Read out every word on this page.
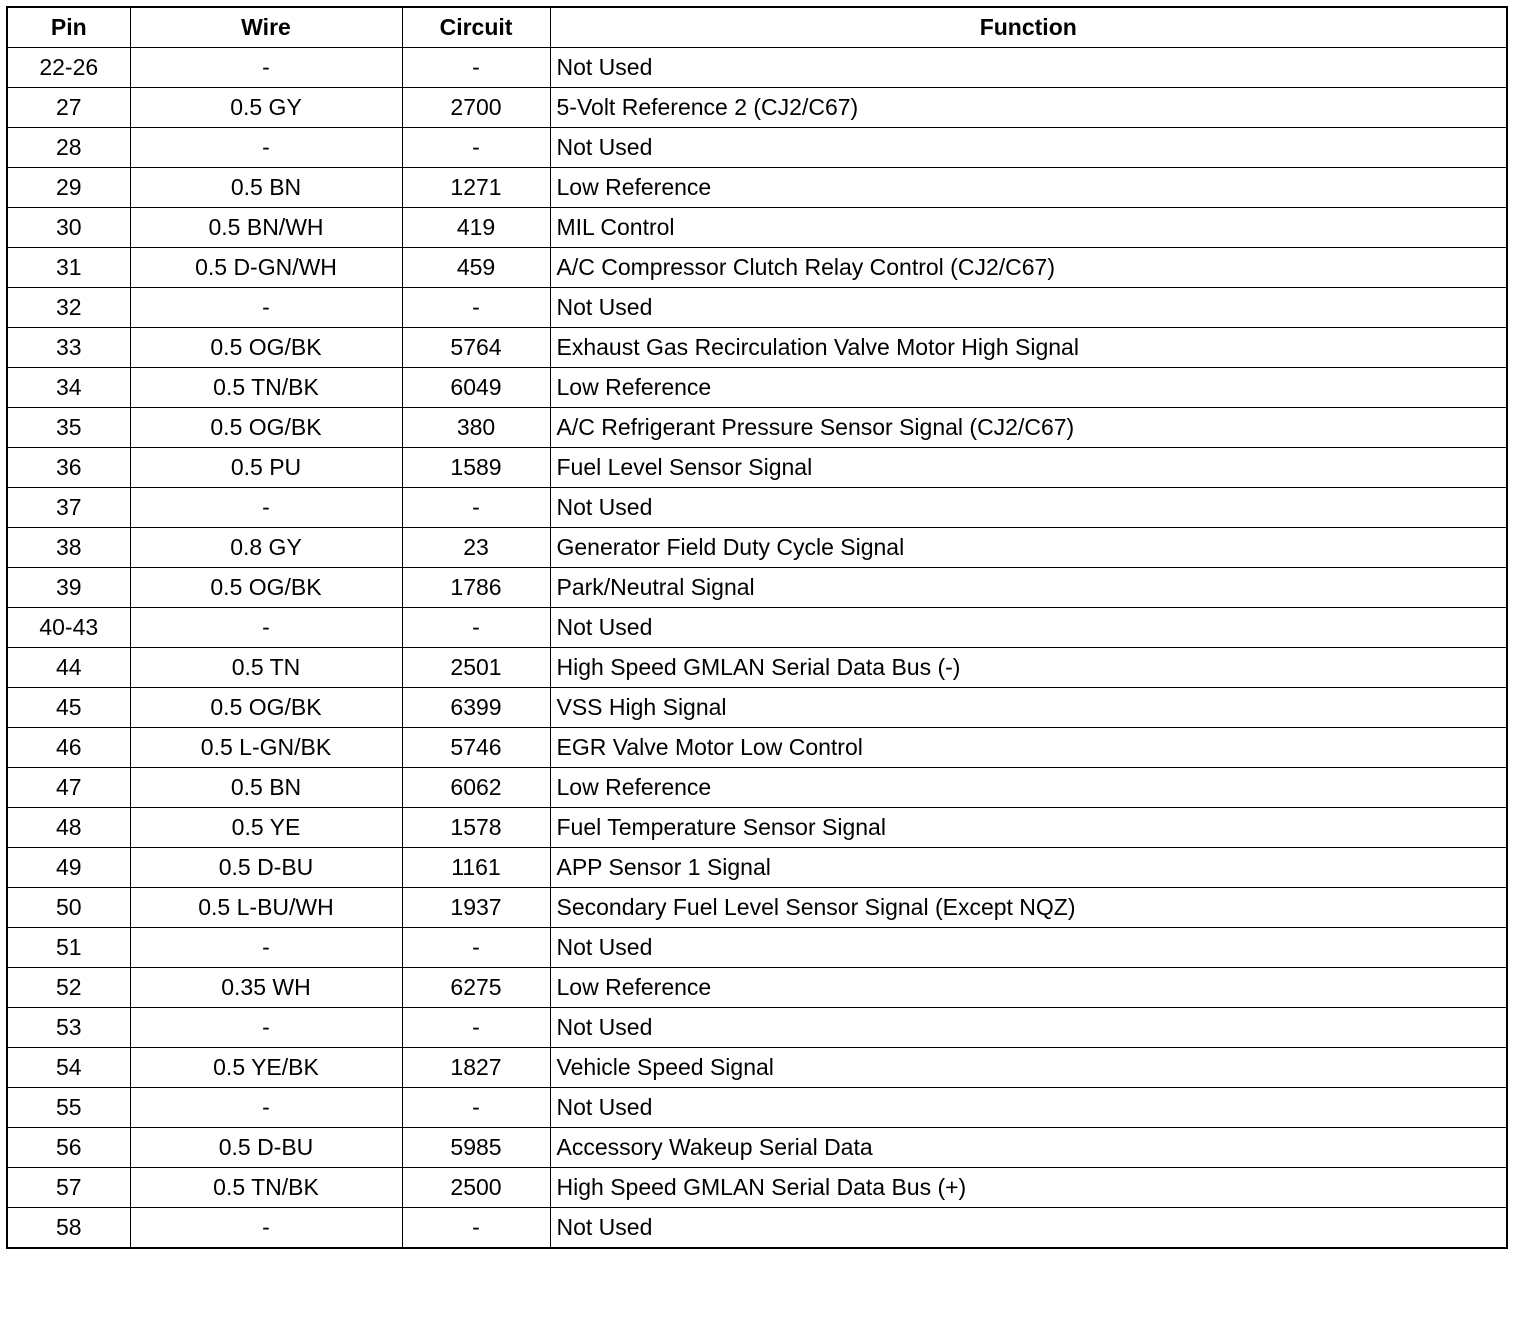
Pin	Wire	Circuit	Function
22-26	-	-	Not Used
27	0.5 GY	2700	5-Volt Reference 2 (CJ2/C67)
28	-	-	Not Used
29	0.5 BN	1271	Low Reference
30	0.5 BN/WH	419	MIL Control
31	0.5 D-GN/WH	459	A/C Compressor Clutch Relay Control (CJ2/C67)
32	-	-	Not Used
33	0.5 OG/BK	5764	Exhaust Gas Recirculation Valve Motor High Signal
34	0.5 TN/BK	6049	Low Reference
35	0.5 OG/BK	380	A/C Refrigerant Pressure Sensor Signal (CJ2/C67)
36	0.5 PU	1589	Fuel Level Sensor Signal
37	-	-	Not Used
38	0.8 GY	23	Generator Field Duty Cycle Signal
39	0.5 OG/BK	1786	Park/Neutral Signal
40-43	-	-	Not Used
44	0.5 TN	2501	High Speed GMLAN Serial Data Bus (-)
45	0.5 OG/BK	6399	VSS High Signal
46	0.5 L-GN/BK	5746	EGR Valve Motor Low Control
47	0.5 BN	6062	Low Reference
48	0.5 YE	1578	Fuel Temperature Sensor Signal
49	0.5 D-BU	1161	APP Sensor 1 Signal
50	0.5 L-BU/WH	1937	Secondary Fuel Level Sensor Signal (Except NQZ)
51	-	-	Not Used
52	0.35 WH	6275	Low Reference
53	-	-	Not Used
54	0.5 YE/BK	1827	Vehicle Speed Signal
55	-	-	Not Used
56	0.5 D-BU	5985	Accessory Wakeup Serial Data
57	0.5 TN/BK	2500	High Speed GMLAN Serial Data Bus (+)
58	-	-	Not Used
